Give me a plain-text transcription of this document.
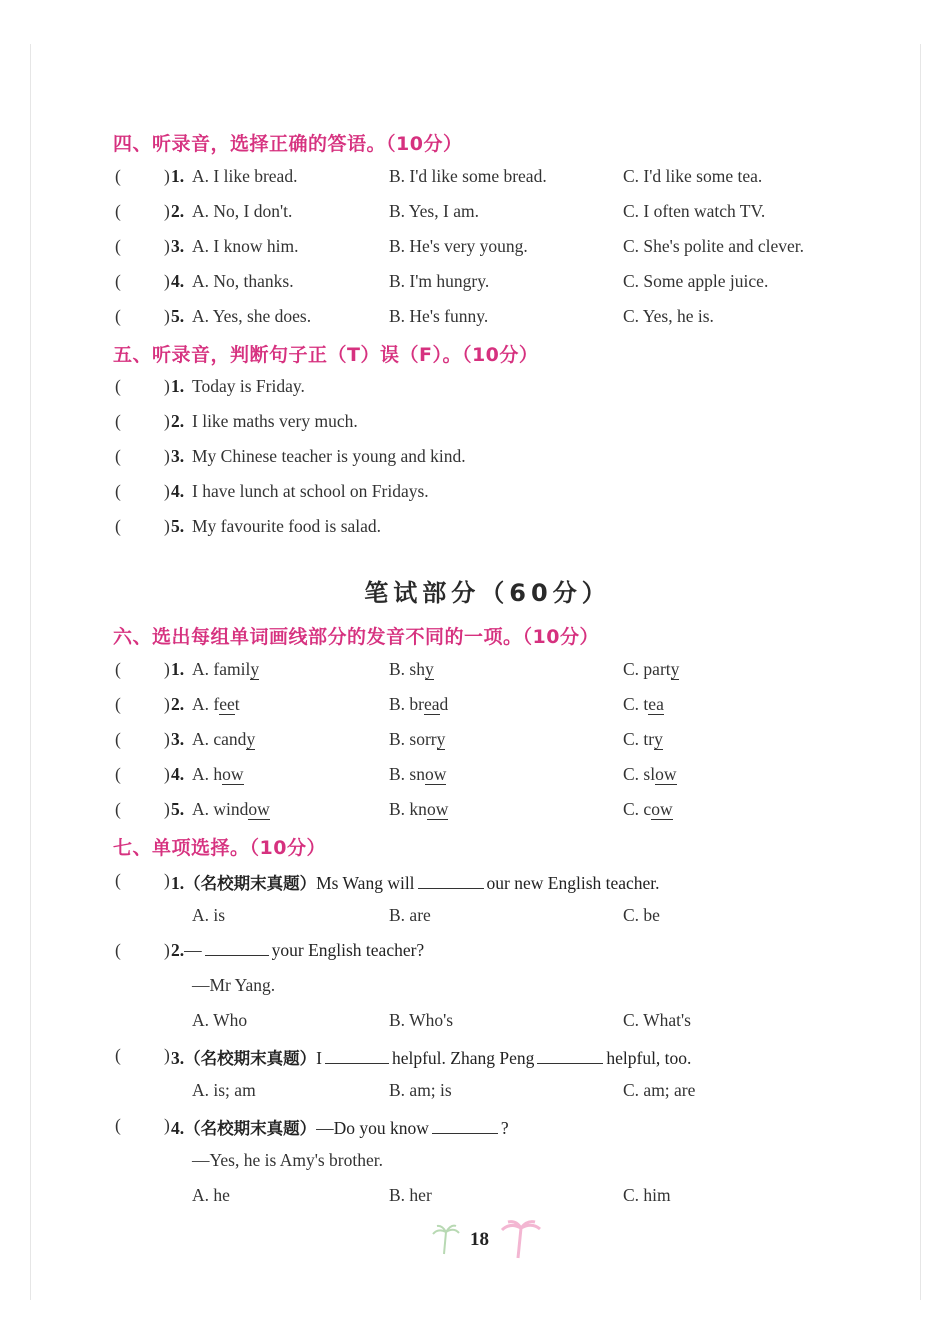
四、听录音，选择正确的答语。（10分）
( ) 1. A. I like bread.	B. I'd like some bread.	C. I'd like some tea.
( ) 2. A. No, I don't.	B. Yes, I am.	C. I often watch TV.
( ) 3. A. I know him.	B. He's very young.	C. She's polite and clever.
( ) 4. A. No, thanks.	B. I'm hungry.	C. Some apple juice.
( ) 5. A. Yes, she does.	B. He's funny.	C. Yes, he is.
五、听录音，判断句子正（T）误（F）。（10分）
( ) 1. Today is Friday.
( ) 2. I like maths very much.
( ) 3. My Chinese teacher is young and kind.
( ) 4. I have lunch at school on Fridays.
( ) 5. My favourite food is salad.
笔试部分（60分）
六、选出每组单词画线部分的发音不同的一项。（10分）
( ) 1. A. family	B. shy	C. party
( ) 2. A. feet	B. bread	C. tea
( ) 3. A. candy	B. sorry	C. try
( ) 4. A. how	B. snow	C. slow
( ) 5. A. window	B. know	C. cow
七、单项选择。（10分）
( ) 1.（名校期末真题）Ms Wang will	our new English teacher.
A. is	B. are	C. be
( ) 2.—	your English teacher?
—Mr Yang.
A. Who	B. Who's	C. What's
( ) 3.（名校期末真题）I	helpful. Zhang Peng	helpful, too.
A. is; am	B. am; is	C. am; are
( ) 4.（名校期末真题）—Do you know	?
—Yes, he is Amy's brother.
A. he	B. her	C. him
18
